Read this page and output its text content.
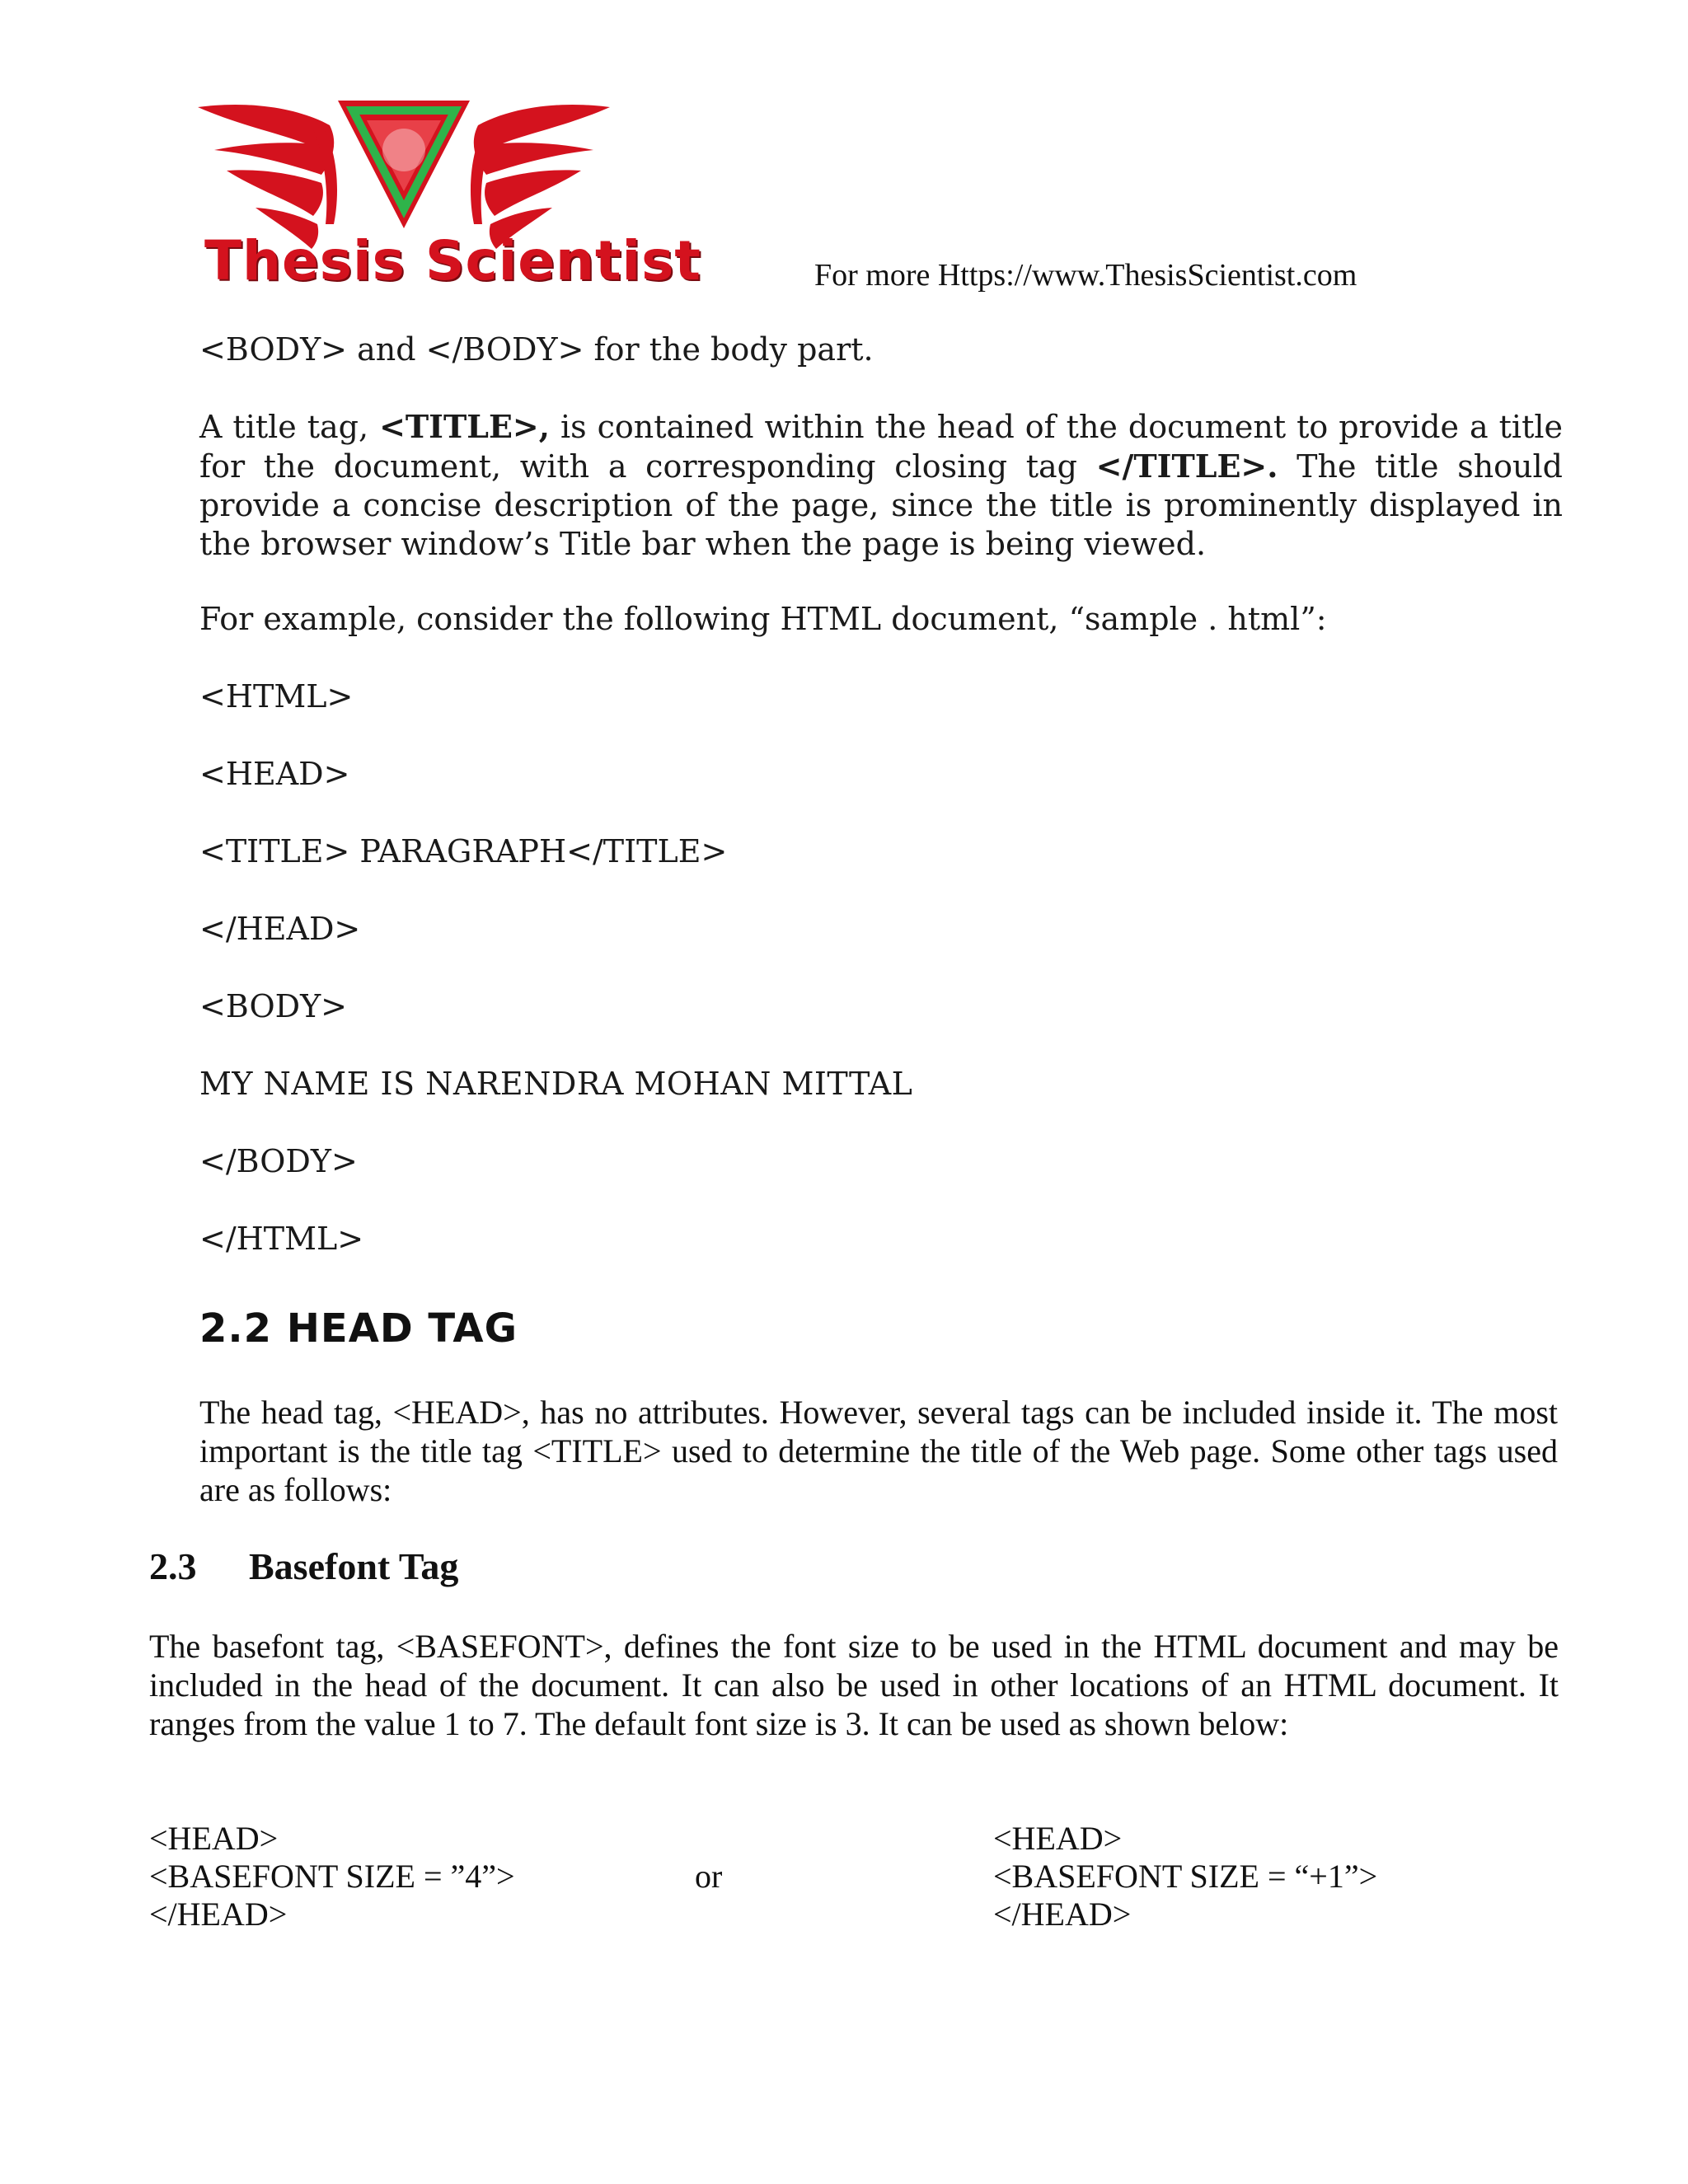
Thesis Scientist	For more Https://www.ThesisScientist.com
<BODY> and </BODY> for the body part.
A title tag, <TITLE>, is contained within the head of the document to provide a title for the document, with a corresponding closing tag </TITLE>. The title should provide a concise description of the page, since the title is prominently displayed in the browser window’s Title bar when the page is being viewed.
For example, consider the following HTML document, “sample . html”:
<HTML>
<HEAD>
<TITLE> PARAGRAPH</TITLE>
</HEAD>
<BODY>
MY NAME IS NARENDRA MOHAN MITTAL
</BODY>
</HTML>
2.2 HEAD TAG
The head tag, <HEAD>, has no attributes. However, several tags can be included inside it. The most important is the title tag <TITLE> used to determine the title of the Web page. Some other tags used are as follows:
2.3 Basefont Tag
The basefont tag, <BASEFONT>, defines the font size to be used in the HTML document and may be included in the head of the document. It can also be used in other locations of an HTML document. It ranges from the value 1 to 7. The default font size is 3. It can be used as shown below:
<HEAD>
<BASEFONT SIZE = ”4”>
</HEAD>
or
<HEAD>
<BASEFONT SIZE = “+1”>
</HEAD>
